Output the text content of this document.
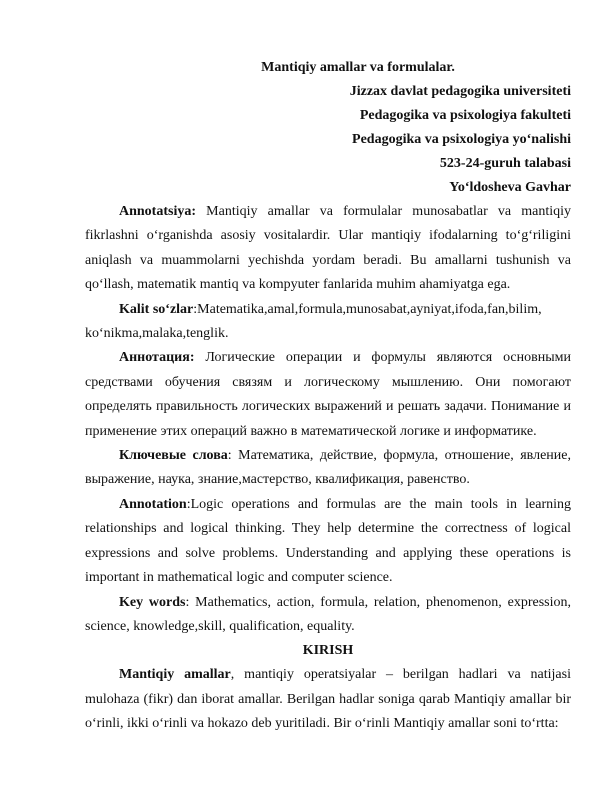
Mantiqiy amallar va formulalar.
Jizzax davlat pedagogika universiteti
Pedagogika va psixologiya fakulteti
Pedagogika va psixologiya yo‘nalishi
523-24-guruh talabasi
Yo‘ldosheva Gavhar

Annotatsiya: Mantiqiy amallar va formulalar munosabatlar va mantiqiy fikrlashni o‘rganishda asosiy vositalardir. Ular mantiqiy ifodalarning to‘g‘riligini aniqlash va muammolarni yechishda yordam beradi. Bu amallarni tushunish va qo‘llash, matematik mantiq va kompyuter fanlarida muhim ahamiyatga ega.

Kalit so‘zlar:Matematika,amal,formula,munosabat,ayniyat,ifoda,fan,bilim, ko‘nikma,malaka,tenglik.

Аннотация: Логические операции и формулы являются основными средствами обучения связям и логическому мышлению. Они помогают определять правильность логических выражений и решать задачи. Понимание и применение этих операций важно в математической логике и информатике.

Ключевые слова: Математика, действие, формула, отношение, явление, выражение, наука, знание,мастерство, квалификация, равенство.

Annotation:Logic operations and formulas are the main tools in learning relationships and logical thinking. They help determine the correctness of logical expressions and solve problems. Understanding and applying these operations is important in mathematical logic and computer science.

Key words: Mathematics, action, formula, relation, phenomenon, expression, science, knowledge,skill, qualification, equality.

KIRISH

Mantiqiy amallar, mantiqiy operatsiyalar – berilgan hadlari va natijasi mulohaza (fikr) dan iborat amallar. Berilgan hadlar soniga qarab Mantiqiy amallar bir o‘rinli, ikki o‘rinli va hokazo deb yuritiladi. Bir o‘rinli Mantiqiy amallar soni to‘rtta:
